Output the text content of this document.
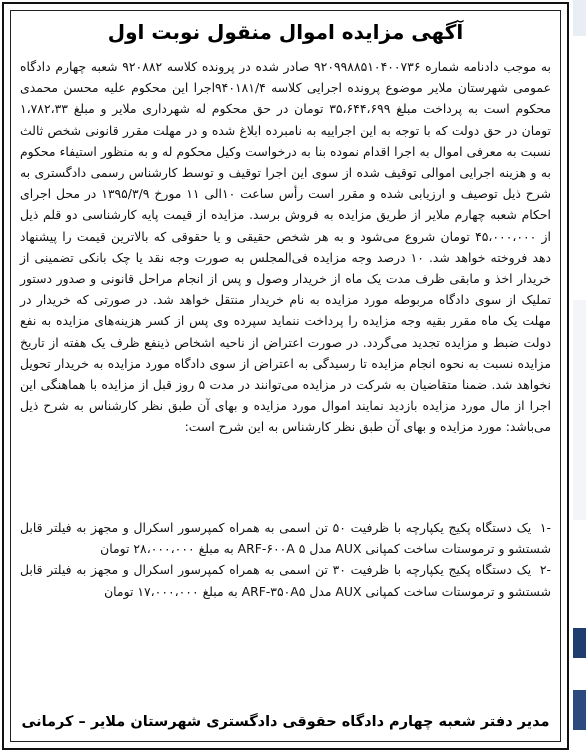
آگهی مزایده اموال منقول نوبت اول
به موجب دادنامه شماره ۹۲۰۹۹۸۸۵۱۰۴۰۰۷۳۶ صادر شده در پرونده کلاسه ۹۲۰۸۸۲ شعبه چهارم دادگاه عمومی شهرستان ملایر موضوع پرونده اجرایی کلاسه ۹۴۰۱۸۱/۴اجرا این محکوم علیه محسن محمدی محکوم است به پرداخت مبلغ ۳۵،۶۴۴،۶۹۹ تومان در حق محکوم له شهرداری ملایر و مبلغ ۱،۷۸۲،۳۳ تومان در حق دولت که با توجه به این اجراییه به نامبرده ابلاغ شده و در مهلت مقرر قانونی شخص ثالث نسبت به معرفی اموال به اجرا اقدام نموده بنا به درخواست وکیل محکوم له و به منظور استیفاء محکوم به و هزینه اجرایی اموالی توقیف شده از سوی این اجرا توقیف و توسط کارشناس رسمی دادگستری به شرح ذیل توصیف و ارزیابی شده و مقرر است رأس ساعت ۱۰الی ۱۱ مورخ ۱۳۹۵/۳/۹ در محل اجرای احکام شعبه چهارم ملایر از طریق مزایده به فروش برسد. مزایده از قیمت پایه کارشناسی دو قلم ذیل از ۴۵،۰۰۰،۰۰۰ تومان شروع می‌شود و به هر شخص حقیقی و یا حقوقی که بالاترین قیمت را پیشنهاد دهد فروخته خواهد شد. ۱۰ درصد وجه مزایده فی‌المجلس به صورت وجه نقد یا چک بانکی تضمینی از خریدار اخذ و مابقی ظرف مدت یک ماه از خریدار وصول و پس از انجام مراحل قانونی و صدور دستور تملیک از سوی دادگاه مربوطه مورد مزایده به نام خریدار منتقل خواهد شد. در صورتی که خریدار در مهلت یک ماه مقرر بقیه وجه مزایده را پرداخت ننماید سپرده وی پس از کسر هزینه‌های مزایده به نفع دولت ضبط و مزایده تجدید می‌گردد. در صورت اعتراض از ناحیه اشخاص ذینفع ظرف یک هفته از تاریخ مزایده نسبت به نحوه انجام مزایده تا رسیدگی به اعتراض از سوی دادگاه مورد مزایده به خریدار تحویل نخواهد شد. ضمنا متقاضیان به شرکت در مزایده می‌توانند در مدت ۵ روز قبل از مزایده با هماهنگی این اجرا از مال مورد مزایده بازدید نمایند اموال مورد مزایده و بهای آن طبق نظر کارشناس به شرح ذیل می‌باشد: مورد مزایده و بهای آن طبق نظر کارشناس به این شرح است:

-۱ یک دستگاه پکیج یکپارچه با ظرفیت ۵۰ تن اسمی به همراه کمپرسور اسکرال و مجهز به فیلتر قابل شستشو و ترموستات ساخت کمپانی AUX مدل ۵ ARF-۶۰۰A به مبلغ ۲۸،۰۰۰،۰۰۰ تومان

-۲ یک دستگاه پکیج یکپارچه با ظرفیت ۳۰ تن اسمی به همراه کمپرسور اسکرال و مجهز به فیلتر قابل شستشو و ترموستات ساخت کمپانی AUX مدل ARF-۳۵۰A۵ به مبلغ ۱۷،۰۰۰،۰۰۰ تومان

مدیر دفتر شعبه چهارم دادگاه حقوقی دادگستری شهرستان ملایر – کرمانی
